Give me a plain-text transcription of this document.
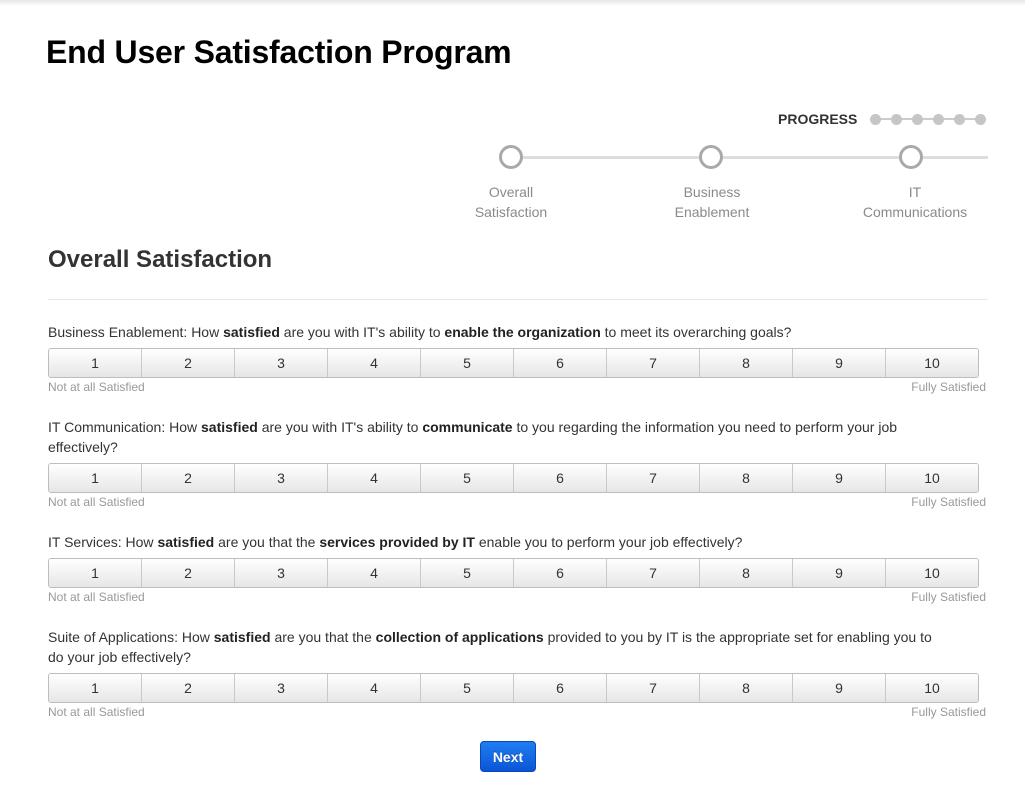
End User Satisfaction Program
PROGRESS
Overall
Satisfaction
Business
Enablement
IT
Communications
Overall Satisfaction

Business Enablement: How satisfied are you with IT's ability to enable the organization to meet its overarching goals?

1	2	3	4	5	6	7	8	9	10
Not at all Satisfied	Fully Satisfied

IT Communication: How satisfied are you with IT's ability to communicate to you regarding the information you need to perform your job effectively?

1	2	3	4	5	6	7	8	9	10
Not at all Satisfied	Fully Satisfied

IT Services: How satisfied are you that the services provided by IT enable you to perform your job effectively?

1	2	3	4	5	6	7	8	9	10
Not at all Satisfied	Fully Satisfied

Suite of Applications: How satisfied are you that the collection of applications provided to you by IT is the appropriate set for enabling you to do your job effectively?

1	2	3	4	5	6	7	8	9	10
Not at all Satisfied	Fully Satisfied
Next
